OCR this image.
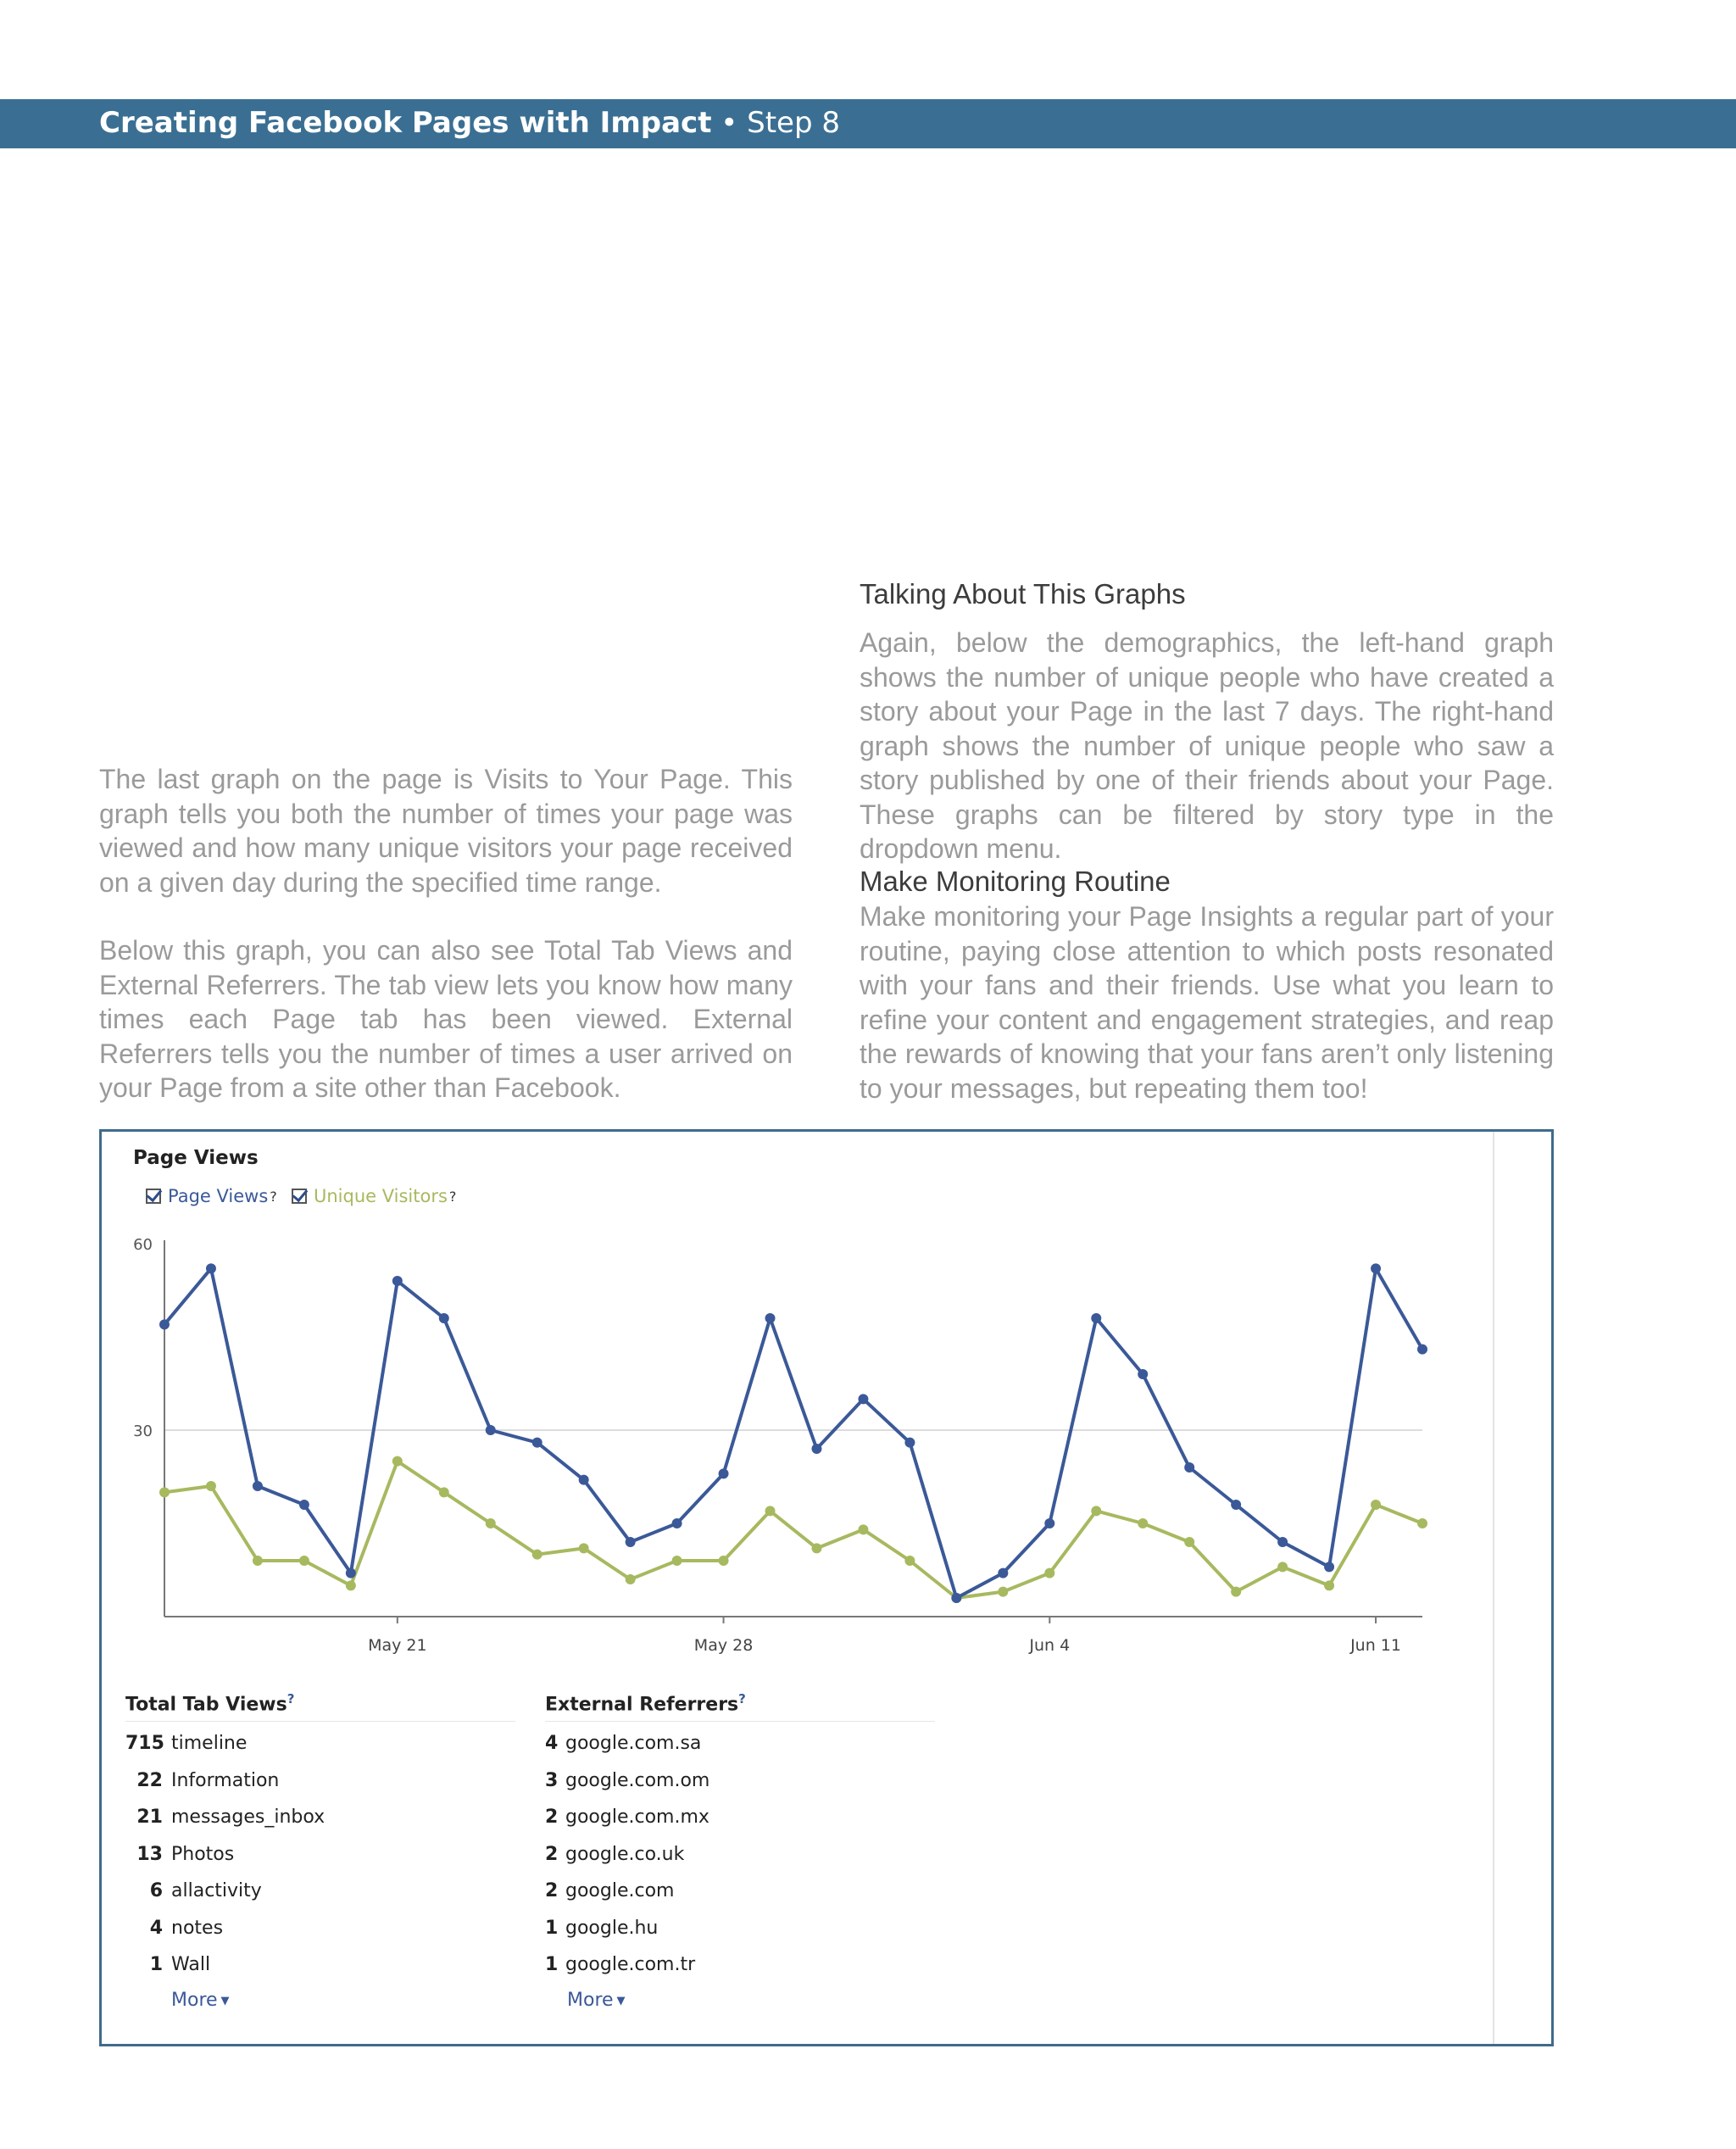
Creating Facebook Pages with Impact • Step 8

The last graph on the page is Visits to Your Page. This graph tells you both the number of times your page was viewed and how many unique visitors your page received on a given day during the specified time range.

Below this graph, you can also see Total Tab Views and External Referrers. The tab view lets you know how many times each Page tab has been viewed. External Referrers tells you the number of times a user arrived on your Page from a site other than Facebook.

Talking About This Graphs
Again, below the demographics, the left-hand graph shows the number of unique people who have created a story about your Page in the last 7 days. The right-hand graph shows the number of unique people who saw a story published by one of their friends about your Page. These graphs can be filtered by story type in the dropdown menu.
Make Monitoring Routine
Make monitoring your Page Insights a regular part of your routine, paying close attention to which posts resonated with your fans and their friends. Use what you learn to refine your content and engagement strategies, and reap the rewards of knowing that your fans aren’t only listening to your messages, but repeating them too!
30
60
May 21	May 28	Jun 4	Jun 11
Page Views
Page Views ? Unique Visitors ?
Total Tab Views?
715 timeline
22 Information
21 messages_inbox
13 Photos
6 allactivity
4 notes
1 Wall
More ▼
External Referrers?
4 google.com.sa
3 google.com.om
2 google.com.mx
2 google.co.uk
2 google.com
1 google.hu
1 google.com.tr
More ▼
